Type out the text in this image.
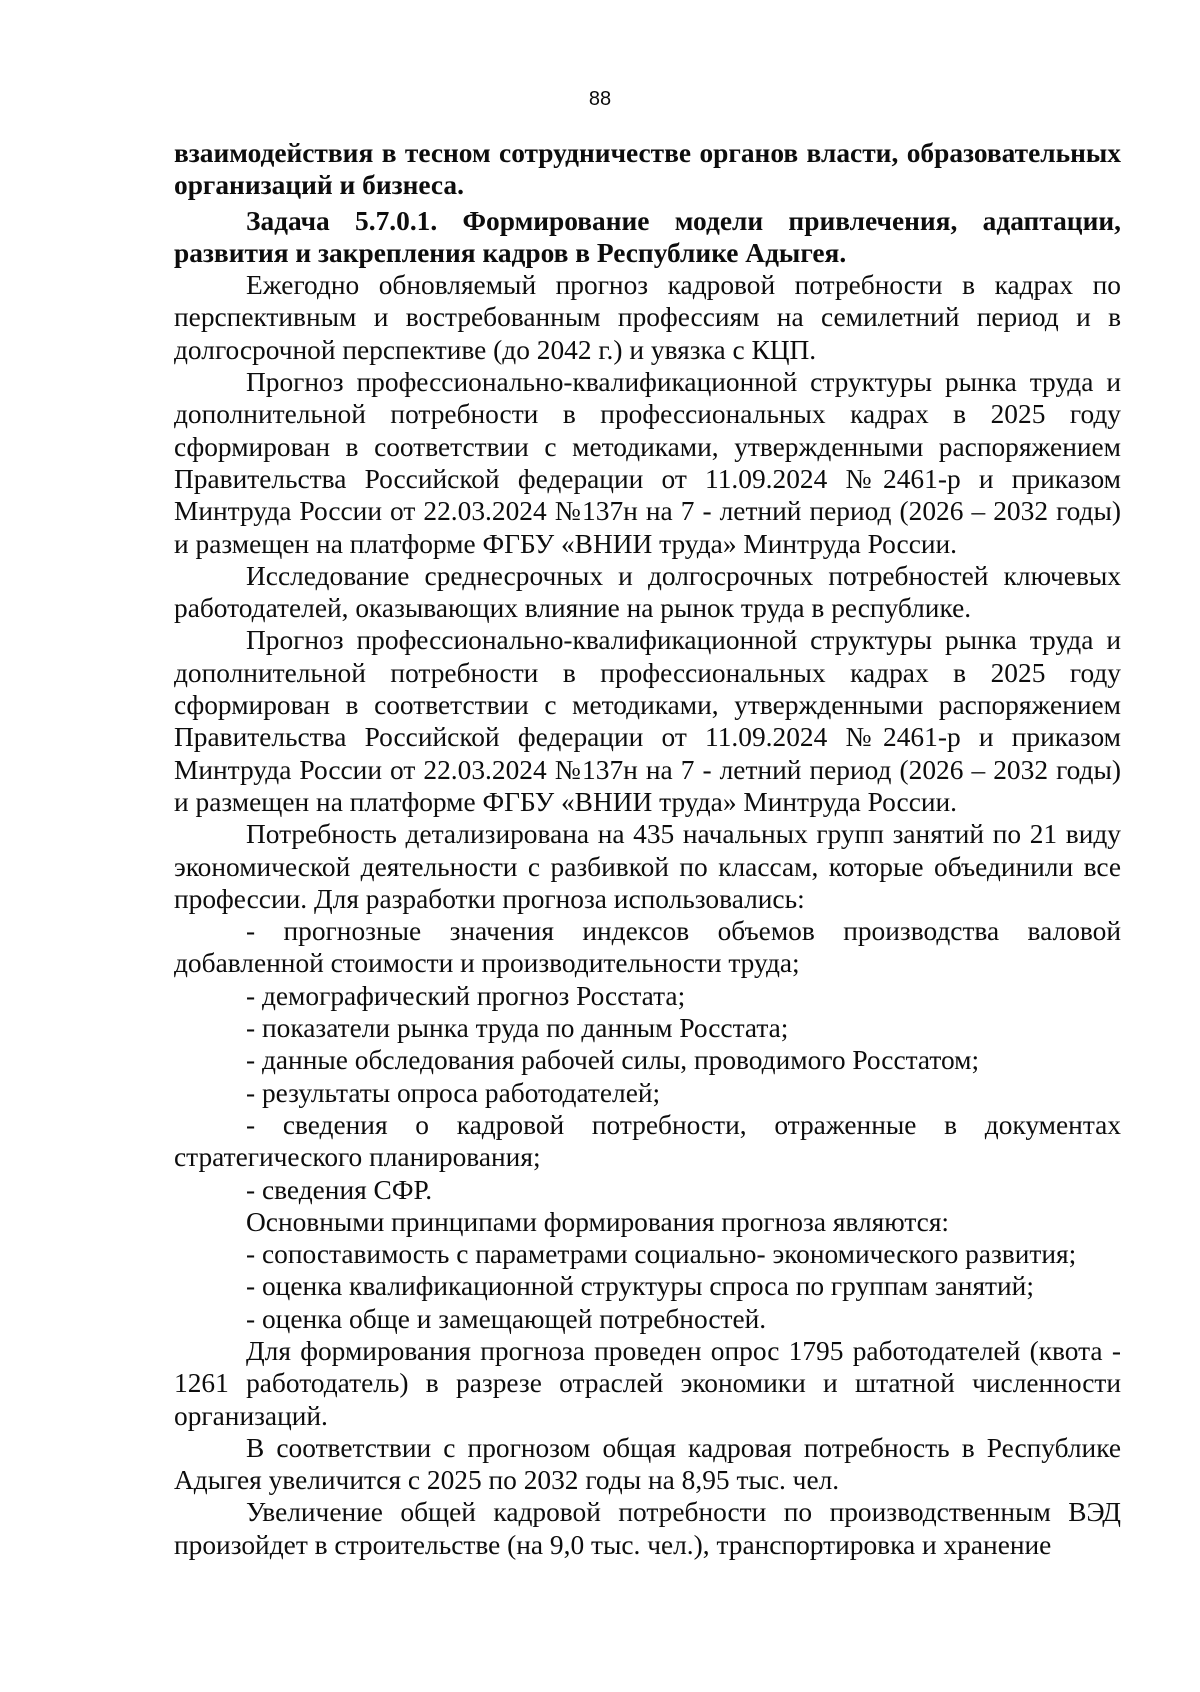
88

взаимодействия в тесном сотрудничестве органов власти, образовательных организаций и бизнеса.

Задача 5.7.0.1. Формирование модели привлечения, адаптации, развития и закрепления кадров в Республике Адыгея.

Ежегодно обновляемый прогноз кадровой потребности в кадрах по перспективным и востребованным профессиям на семилетний период и в долгосрочной перспективе (до 2042 г.) и увязка с КЦП.

Прогноз профессионально-квалификационной структуры рынка труда и дополнительной потребности в профессиональных кадрах в 2025 году сформирован в соответствии с методиками, утвержденными распоряжением Правительства Российской федерации от 11.09.2024 №2461-р и приказом Минтруда России от 22.03.2024 №137н на 7 - летний период (2026 – 2032 годы) и размещен на платформе ФГБУ «ВНИИ труда» Минтруда России.

Исследование среднесрочных и долгосрочных потребностей ключевых работодателей, оказывающих влияние на рынок труда в республике.

Прогноз профессионально-квалификационной структуры рынка труда и дополнительной потребности в профессиональных кадрах в 2025 году сформирован в соответствии с методиками, утвержденными распоряжением Правительства Российской федерации от 11.09.2024 №2461-р и приказом Минтруда России от 22.03.2024 №137н на 7 - летний период (2026 – 2032 годы) и размещен на платформе ФГБУ «ВНИИ труда» Минтруда России.

Потребность детализирована на 435 начальных групп занятий по 21 виду экономической деятельности с разбивкой по классам, которые объединили все профессии. Для разработки прогноза использовались:

- прогнозные значения индексов объемов производства валовой добавленной стоимости и производительности труда;

- демографический прогноз Росстата;

- показатели рынка труда по данным Росстата;

- данные обследования рабочей силы, проводимого Росстатом;

- результаты опроса работодателей;

- сведения о кадровой потребности, отраженные в документах стратегического планирования;

- сведения СФР.

Основными принципами формирования прогноза являются:

- сопоставимость с параметрами социально- экономического развития;

- оценка квалификационной структуры спроса по группам занятий;

- оценка обще и замещающей потребностей.

Для формирования прогноза проведен опрос 1795 работодателей (квота - 1261 работодатель) в разрезе отраслей экономики и штатной численности организаций.

В соответствии с прогнозом общая кадровая потребность в Республике Адыгея увеличится с 2025 по 2032 годы на 8,95 тыс. чел.

Увеличение общей кадровой потребности по производственным ВЭД произойдет в строительстве (на 9,0 тыс. чел.), транспортировка и хранение
